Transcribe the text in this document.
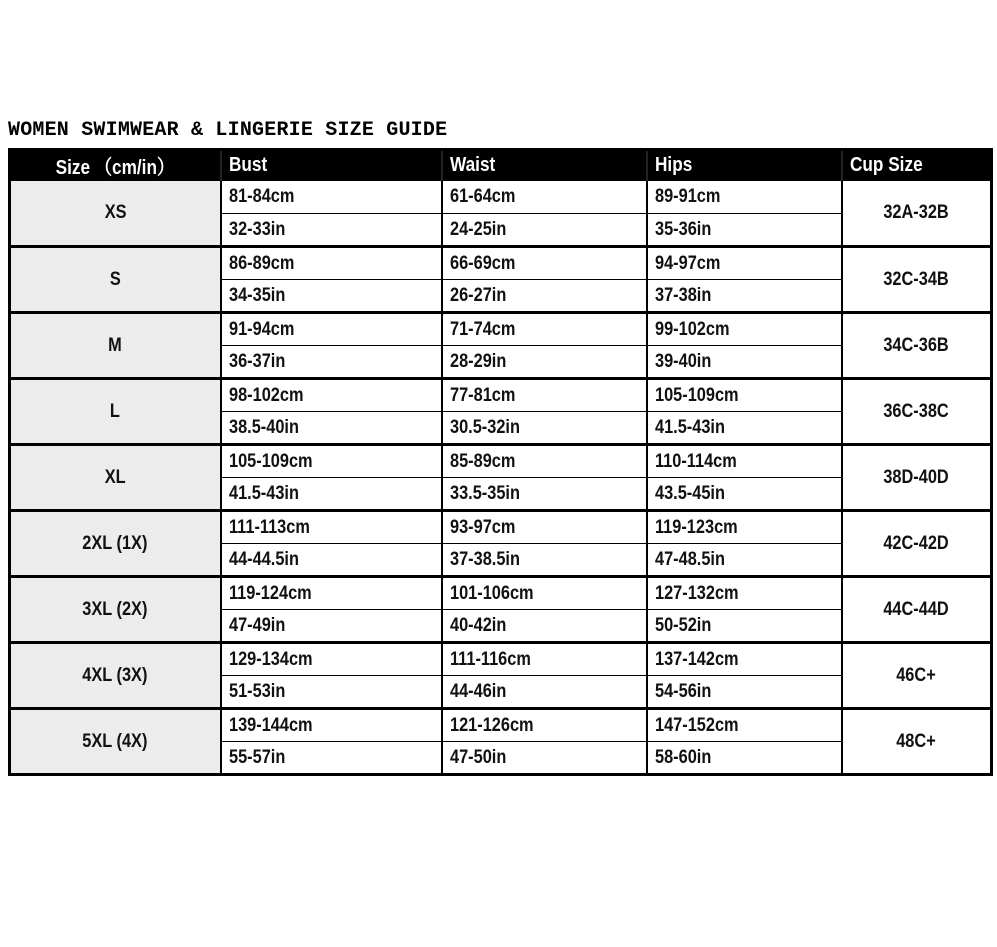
WOMEN SWIMWEAR & LINGERIE SIZE GUIDE
Size （cm/in）	Bust	Waist	Hips	Cup Size
XS	81-84cm	61-64cm	89-91cm	32A-32B
	32-33in	24-25in	35-36in	
S	86-89cm	66-69cm	94-97cm	32C-34B
	34-35in	26-27in	37-38in	
M	91-94cm	71-74cm	99-102cm	34C-36B
	36-37in	28-29in	39-40in	
L	98-102cm	77-81cm	105-109cm	36C-38C
	38.5-40in	30.5-32in	41.5-43in	
XL	105-109cm	85-89cm	110-114cm	38D-40D
	41.5-43in	33.5-35in	43.5-45in	
2XL (1X)	111-113cm	93-97cm	119-123cm	42C-42D
	44-44.5in	37-38.5in	47-48.5in	
3XL (2X)	119-124cm	101-106cm	127-132cm	44C-44D
	47-49in	40-42in	50-52in	
4XL (3X)	129-134cm	111-116cm	137-142cm	46C+
	51-53in	44-46in	54-56in	
5XL (4X)	139-144cm	121-126cm	147-152cm	48C+
	55-57in	47-50in	58-60in	
